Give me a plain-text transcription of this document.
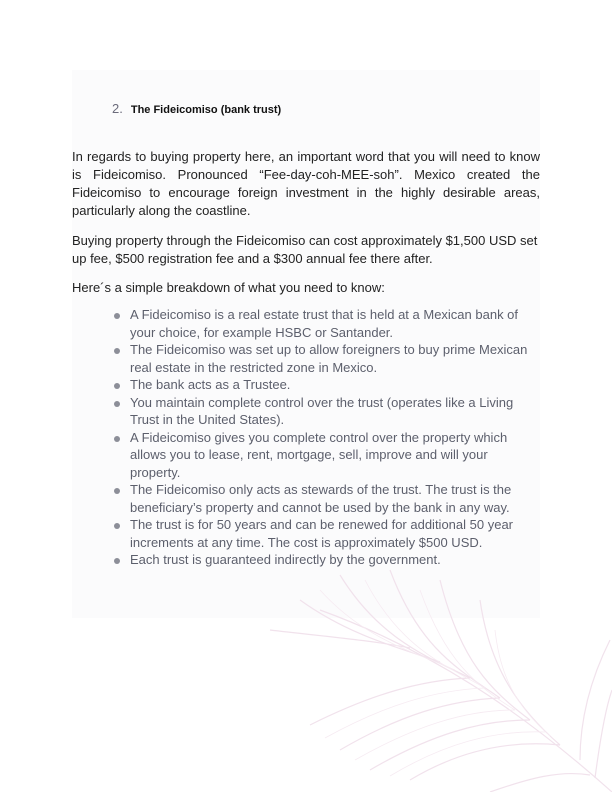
2. The Fideicomiso (bank trust)

In regards to buying property here, an important word that you will need to know is Fideicomiso. Pronounced “Fee-day-coh-MEE-soh”. Mexico created the Fideicomiso to encourage foreign investment in the highly desirable areas, particularly along the coastline.

Buying property through the Fideicomiso can cost approximately $1,500 USD set up fee, $500 registration fee and a $300 annual fee there after.

Here´s a simple breakdown of what you need to know:

A Fideicomiso is a real estate trust that is held at a Mexican bank of your choice, for example HSBC or Santander.
The Fideicomiso was set up to allow foreigners to buy prime Mexican real estate in the restricted zone in Mexico.
The bank acts as a Trustee.
You maintain complete control over the trust (operates like a Living Trust in the United States).
A Fideicomiso gives you complete control over the property which allows you to lease, rent, mortgage, sell, improve and will your property.
The Fideicomiso only acts as stewards of the trust. The trust is the beneficiary’s property and cannot be used by the bank in any way.
The trust is for 50 years and can be renewed for additional 50 year increments at any time. The cost is approximately $500 USD.
Each trust is guaranteed indirectly by the government.
